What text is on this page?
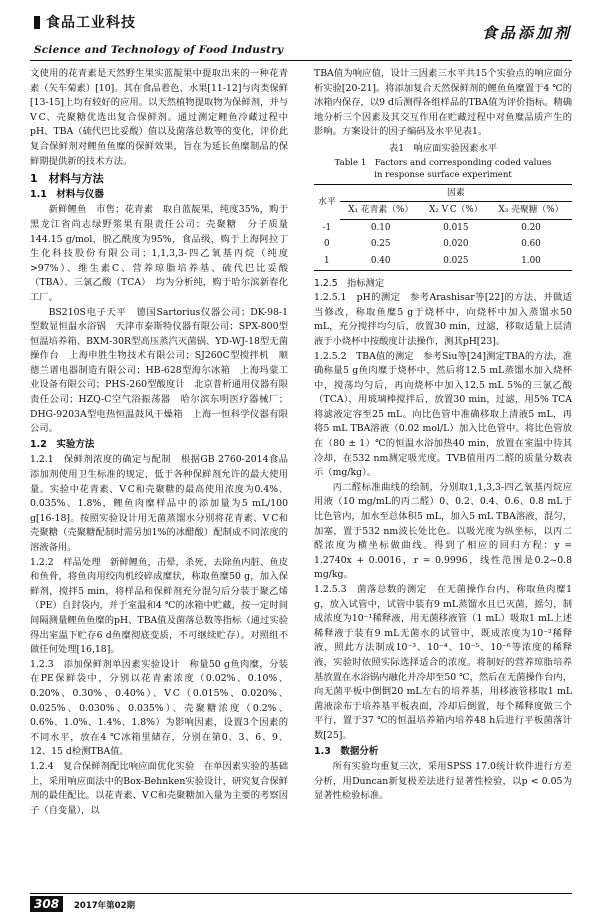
食品工业科技
Science and Technology of Food Industry
食品添加剂

文使用的花青素是天然野生果实蓝靛果中提取出来的一种花青素（矢车菊素）[10]。其在食品着色、水果[11-12]与肉类保鲜[13-15]上均有较好的应用。以天然植物提取物为保鲜剂，并与V C、壳聚糖优选出复合保鲜剂。通过测定鲤鱼冷藏过程中pH、TBA（硫代巴比妥酸）值以及菌落总数等的变化，评价此复合保鲜剂对鲤鱼鱼糜的保鲜效果，旨在为延长鱼糜制品的保鲜期提供新的技术方法。

1　材料与方法
1.1　材料与仪器

新鲜鲤鱼　市售；花青素　取自蓝靛果，纯度35%，购于黑龙江省尚志绿野浆果有限责任公司；壳聚糖　分子质量144.15 g/mol，脱乙酰度为95%，食品级，购于上海阿拉丁生化科技股份有限公司；1,1,3,3-四乙氧基丙烷（纯度>97%）、维生素C、营养琼脂培养基、硫代巴比妥酸（TBA）、三氯乙酸（TCA）　均为分析纯，购于哈尔滨新春化工厂。

BS210S电子天平　德国Sartorius仪器公司；DK-98-1型数显恒温水浴锅　天津市泰斯特仪器有限公司；SPX-800型恒温培养箱、BXM-30R型高压蒸汽灭菌锅、YD-WJ-18型无菌操作台　上海申胜生物技术有限公司；SJ260C型搅拌机　顺德兰谱电器制造有限公司；HB-628型海尔冰箱　上海玛蒙工业设备有限公司；PHS-260型酸度计　北京普析通用仪器有限责任公司；HZQ-C空气浴振荡器　哈尔滨东明医疗器械厂；DHG-9203A型电热恒温鼓风干燥箱　上海一恒科学仪器有限公司。

1.2　实验方法

1.2.1　保鲜剂浓度的确定与配制　根据GB 2760-2014食品添加剂使用卫生标准的规定，低于各种保鲜剂允许的最大使用量。实验中花青素、V C和壳聚糖的最高使用浓度为0.4%、0.035%、1.8%，鲤鱼肉糜样品中的添加量为5 mL/100 g[16-18]。按照实验设计用无菌蒸馏水分别将花青素、V C和壳聚糖（壳聚糖配制时需另加1%的冰醋酸）配制成不同浓度的溶液备用。

1.2.2　样品处理　新鲜鲤鱼，击晕，杀死，去除鱼内脏、鱼皮和鱼骨，将鱼肉用绞肉机绞碎成糜状，称取鱼糜50 g，加入保鲜剂，搅拌5 min，将样品和保鲜剂充分混匀后分装于聚乙烯（PE）自封袋内，并于室温和4 ℃的冰箱中贮藏，按一定时间间隔测量鲤鱼鱼糜的pH、TBA值及菌落总数等指标（通过实验得出室温下贮存6 d鱼糜彻底变质，不可继续贮存）。对照组不做任何处理[16,18]。

1.2.3　添加保鲜剂单因素实验设计　称量50 g鱼肉糜，分装在PE保鲜袋中，分别以花青素浓度（0.02%、0.10%、0.20%、0.30%、0.40%）、V C（0.015%、0.020%、0.025%、0.030%、0.035%）、壳聚糖浓度（0.2%、0.6%、1.0%、1.4%、1.8%）为影响因素，设置3个因素的不同水平，放在4 ℃冰箱里储存，分别在第0、3、6、9、12、15 d检测TBA值。

1.2.4　复合保鲜剂配比响应面优化实验　在单因素实验的基础上，采用响应面法中的Box-Behnken实验设计，研究复合保鲜剂的最佳配比。以花青素、V C和壳聚糖加入量为主要的考察因子（自变量），以

TBA值为响应值，设计三因素三水平共15个实验点的响应面分析实验[20-21]。将添加复合天然保鲜剂的鲤鱼鱼糜置于4 ℃的冰箱内保存，以9 d后测得各组样品的TBA值为评价指标。精确地分析三个因素及其交互作用在贮藏过程中对鱼糜品质产生的影响。方案设计的因子编码及水平见表1。

表1　响应面实验因素水平
Table 1　Factors and corresponding coded values
in response surface experiment
水平	因素		
	X₁ 花青素（%）	X₂ V C（%）	X₃ 壳聚糖（%）
-1	0.10	0.015	0.20
0	0.25	0.020	0.60
1	0.40	0.025	1.00
1.2.5　指标测定

1.2.5.1　pH的测定　参考Arashisar等[22]的方法，并做适当修改，称取鱼糜5 g于烧杯中，向烧杯中加入蒸馏水50 mL，充分搅拌均匀后，放置30 min，过滤，移取适量上层清液于小烧杯中按酸度计法操作，测其pH[23]。

1.2.5.2　TBA值的测定　参考Siu等[24]测定TBA的方法，准确称量5 g鱼肉糜于烧杯中，然后将12.5 mL蒸馏水加入烧杯中，搅荡均匀后，再向烧杯中加入12.5 mL 5%的三氯乙酸（TCA），用玻璃棒搅拌后，放置30 min，过滤，用5% TCA将滤液定容至25 mL。向比色管中准确移取上清液5 mL，再将5 mL TBA溶液（0.02 mol/L）加入比色管中。将比色管放在（80 ± 1）℃的恒温水浴加热40 min，放置在室温中待其冷却，在532 nm测定吸光度。TVB值用丙二醛的质量分数表示（mg/kg）。

丙二醛标准曲线的绘制，分别取1,1,3,3-四乙氧基丙烷应用液（10 mg/mL的丙二醛）0、0.2、0.4、0.6、0.8 mL于比色管内，加水至总体积5 mL，加入5 mL TBA溶液，混匀，加塞，置于532 nm波长处比色。以吸光度为纵坐标，以丙二醛浓度为横坐标做曲线。得到了相应的回归方程：y = 1.2740x + 0.0016，r = 0.9996，线性范围是0.2~0.8 mg/kg。

1.2.5.3　菌落总数的测定　在无菌操作台内，称取鱼肉糜1 g，放入试管中，试管中装有9 mL蒸馏水且已灭菌，摇匀，制成浓度为10⁻¹稀释液，用无菌移液管（1 mL）吸取1 mL上述稀释液于装有9 mL无菌水的试管中，既成浓度为10⁻²稀释液，照此方法制成10⁻³、10⁻⁴、10⁻⁵、10⁻⁶等浓度的稀释液，实验时依照实际选择适合的浓度。将制好的营养琼脂培养基放置在水浴锅内融化并冷却至50 ℃，然后在无菌操作台内，向无菌平板中倒倒20 mL左右的培养基，用移液管移取1 mL菌液涂布于培养基平板表面，冷却后倒置，每个稀释度做三个平行，置于37 ℃的恒温培养箱内培养48 h后进行平板菌落计数[25]。

1.3　数据分析

所有实验均重复三次，采用SPSS 17.0统计软件进行方差分析，用Duncan新复极差法进行显著性检验，以p < 0.05为显著性检验标准。

308	2017年第02期
